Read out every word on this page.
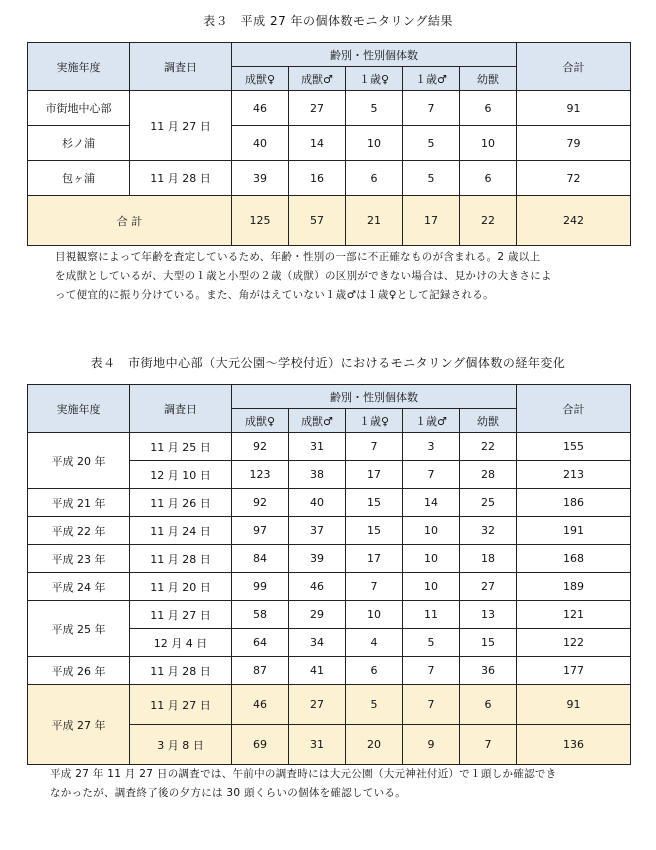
表３　平成 27 年の個体数モニタリング結果
実施年度	調査日	齢別・性別個体数					合計
		成獣♀	成獣♂	１歳♀	１歳♂	幼獣	
市街地中心部	11 月 27 日	46	27	5	7	6	91
杉ノ浦		40	14	10	5	10	79
包ヶ浦	11 月 28 日	39	16	6	5	6	72
合 計		125	57	21	17	22	242

目視観察によって年齢を査定しているため、年齢・性別の一部に不正確なものが含まれる。2 歳以上

を成獣としているが、大型の１歳と小型の２歳（成獣）の区別ができない場合は、見かけの大きさによ

って便宜的に振り分けている。また、角がはえていない１歳♂は１歳♀として記録される。

表４　市街地中心部（大元公園～学校付近）におけるモニタリング個体数の経年変化
実施年度	調査日	齢別・性別個体数					合計
		成獣♀	成獣♂	１歳♀	１歳♂	幼獣	
平成 20 年	11 月 25 日	92	31	7	3	22	155
	12 月 10 日	123	38	17	7	28	213
平成 21 年	11 月 26 日	92	40	15	14	25	186
平成 22 年	11 月 24 日	97	37	15	10	32	191
平成 23 年	11 月 28 日	84	39	17	10	18	168
平成 24 年	11 月 20 日	99	46	7	10	27	189
平成 25 年	11 月 27 日	58	29	10	11	13	121
	12 月 4 日	64	34	4	5	15	122
平成 26 年	11 月 28 日	87	41	6	7	36	177
平成 27 年	11 月 27 日	46	27	5	7	6	91
	3 月 8 日	69	31	20	9	7	136

平成 27 年 11 月 27 日の調査では、午前中の調査時には大元公園（大元神社付近）で１頭しか確認でき

なかったが、調査終了後の夕方には 30 頭くらいの個体を確認している。
